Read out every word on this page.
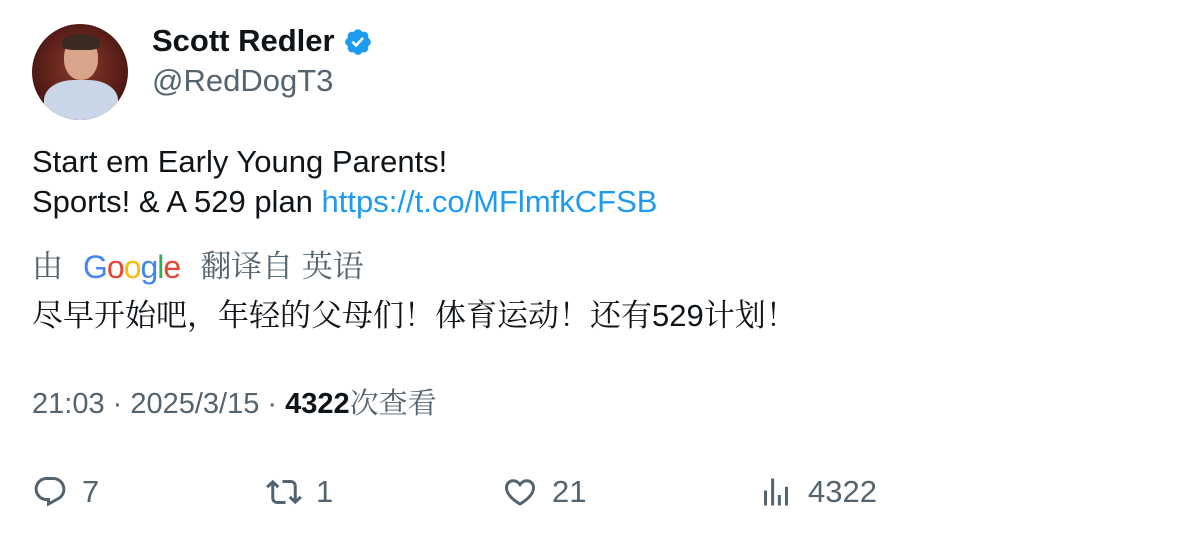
Scott Redler
@RedDogT3
Start em Early Young Parents!
Sports! & A 529 plan https://t.co/MFlmfkCFSB
由 Google 翻译自 英语
尽早开始吧，年轻的父母们！体育运动！还有529计划！
21:03 · 2025/3/15 · 4322次查看
7	1	21	4322
